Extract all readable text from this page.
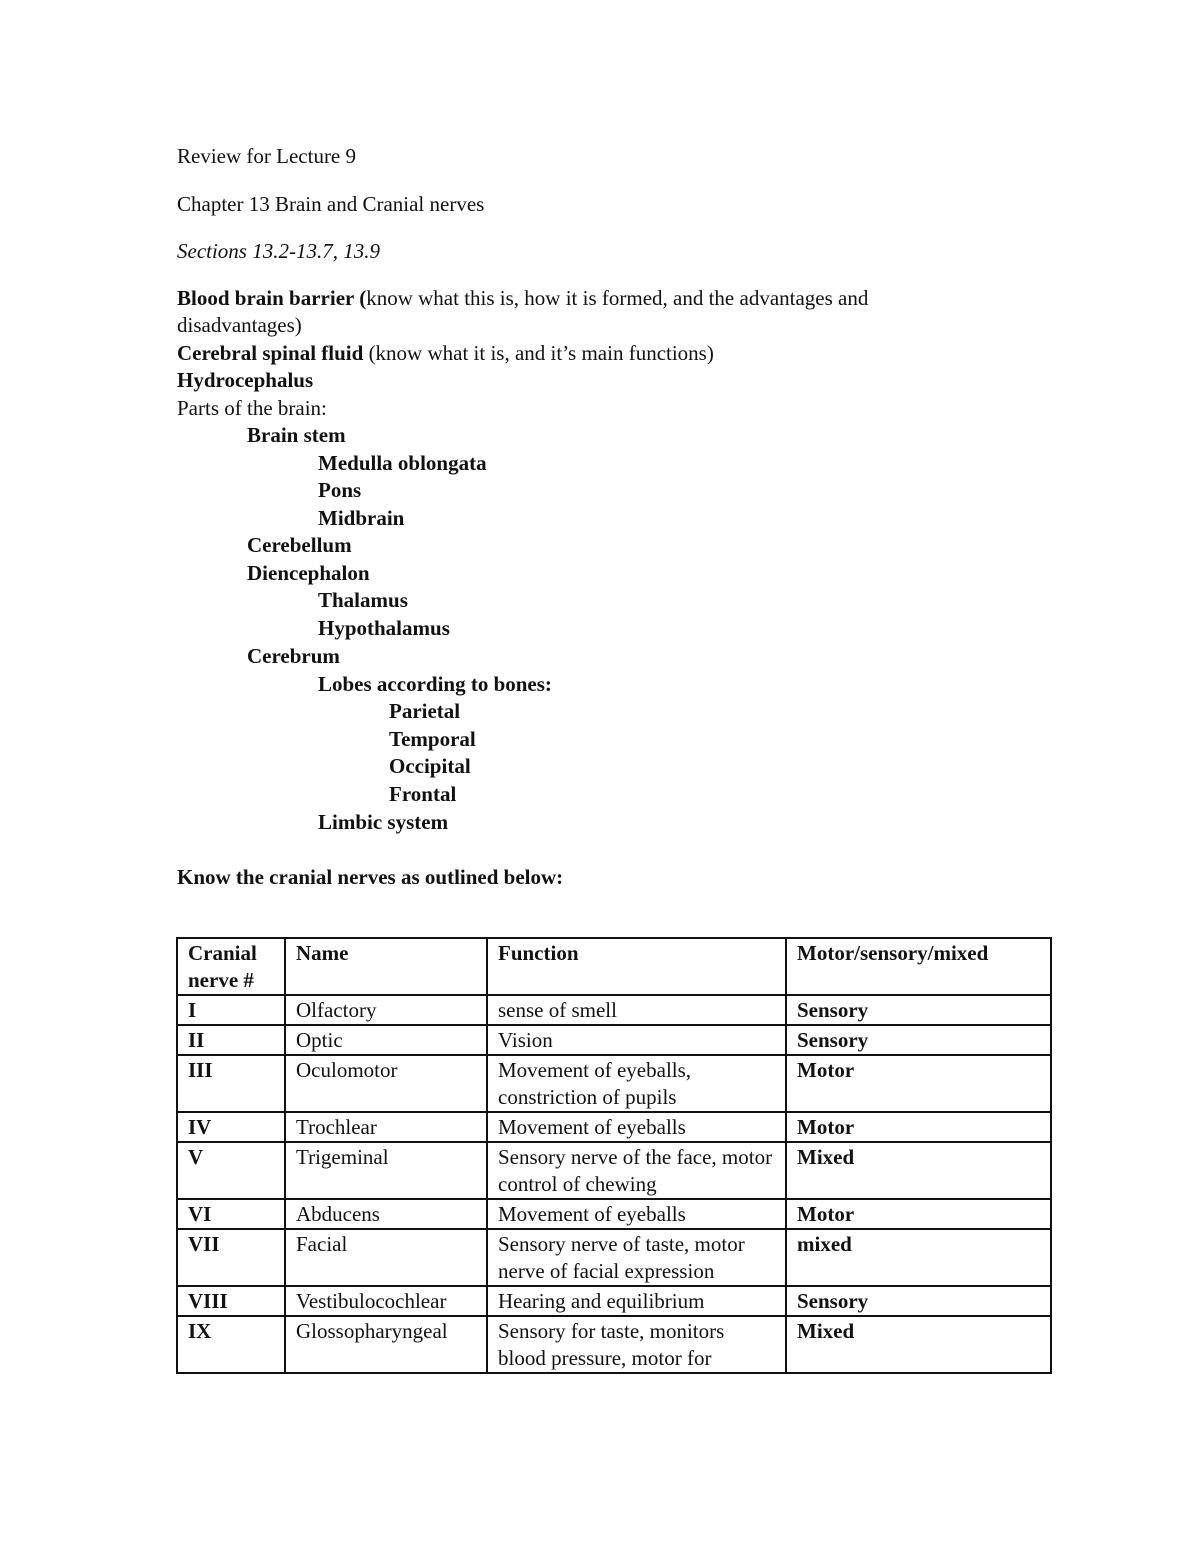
Review for Lecture 9
Chapter 13 Brain and Cranial nerves
Sections 13.2-13.7, 13.9
Blood brain barrier (know what this is, how it is formed, and the advantages and
disadvantages)
Cerebral spinal fluid (know what it is, and it’s main functions)
Hydrocephalus
Parts of the brain:
Brain stem
Medulla oblongata
Pons
Midbrain
Cerebellum
Diencephalon
Thalamus
Hypothalamus
Cerebrum
Lobes according to bones:
Parietal
Temporal
Occipital
Frontal
Limbic system
Know the cranial nerves as outlined below:
Cranial nerve #	Name	Function	Motor/sensory/mixed
I	Olfactory	sense of smell	Sensory
II	Optic	Vision	Sensory
III	Oculomotor	Movement of eyeballs, constriction of pupils	Motor
IV	Trochlear	Movement of eyeballs	Motor
V	Trigeminal	Sensory nerve of the face, motor control of chewing	Mixed
VI	Abducens	Movement of eyeballs	Motor
VII	Facial	Sensory nerve of taste, motor nerve of facial expression	mixed
VIII	Vestibulocochlear	Hearing and equilibrium	Sensory
IX	Glossopharyngeal	Sensory for taste, monitors blood pressure, motor for	Mixed
